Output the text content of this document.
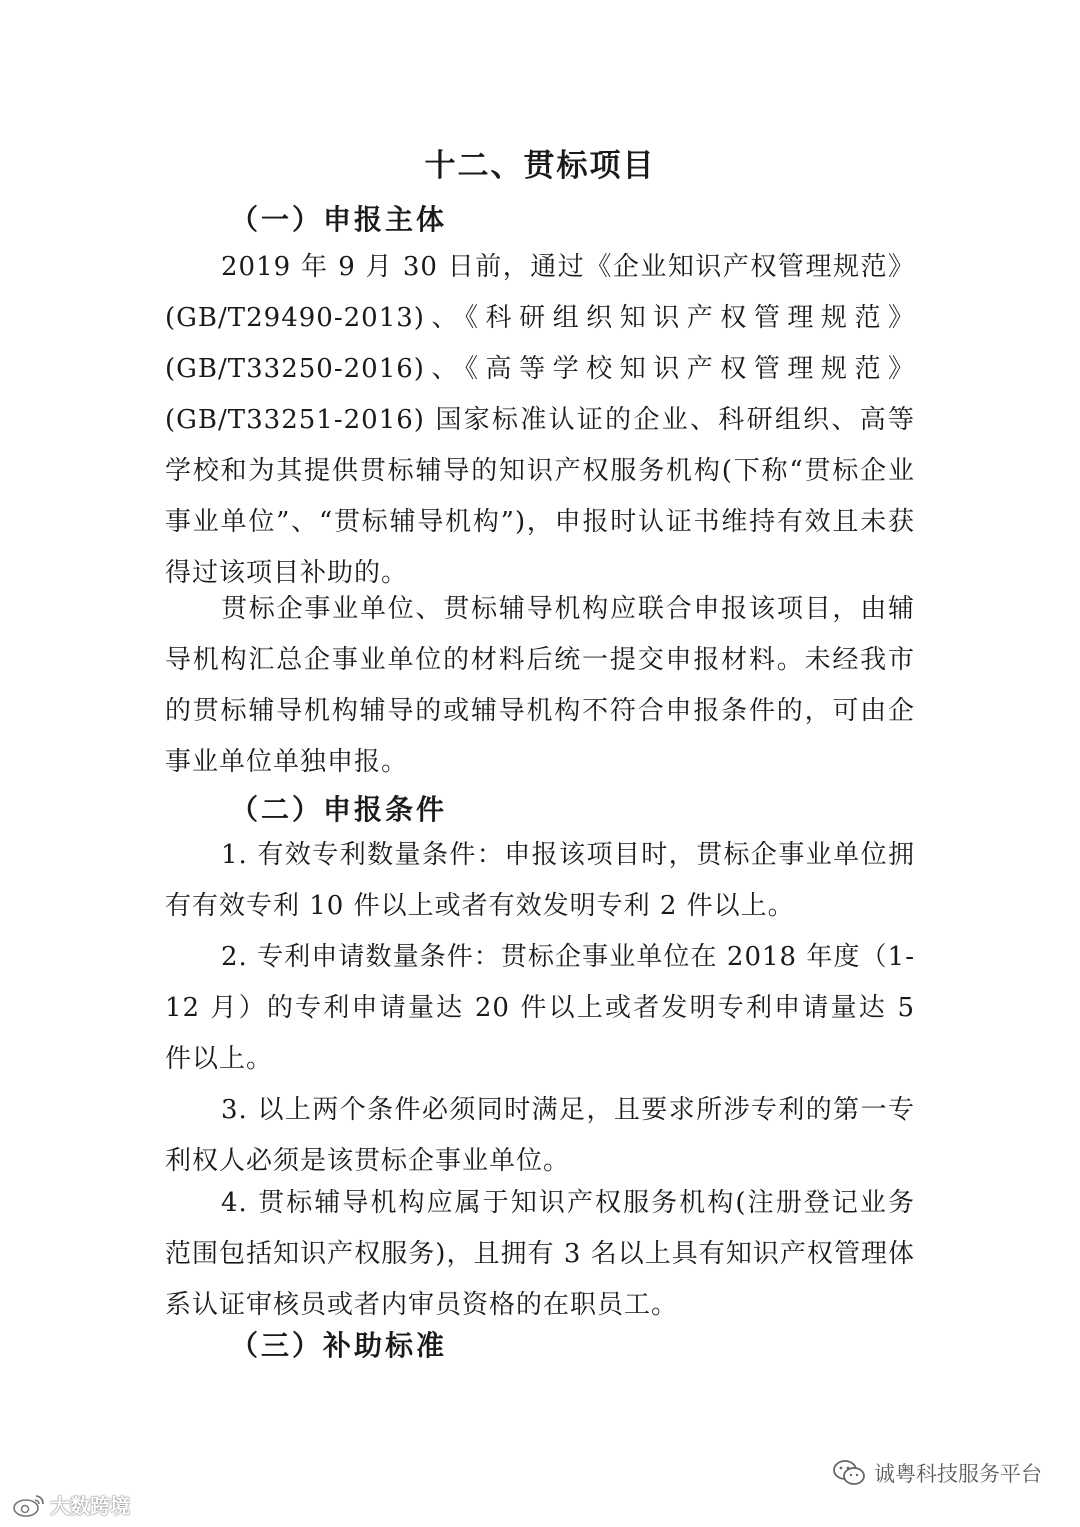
十二、贯标项目
（一）申报主体
2019 年 9 月 30 日前，通过《企业知识产权管理规范》(GB/T29490-2013)、《科研组织知识产权管理规范》(GB/T33250-2016)、《高等学校知识产权管理规范》(GB/T33251-2016) 国家标准认证的企业、科研组织、高等学校和为其提供贯标辅导的知识产权服务机构(下称“贯标企业事业单位”、“贯标辅导机构”)，申报时认证书维持有效且未获得过该项目补助的。
贯标企事业单位、贯标辅导机构应联合申报该项目，由辅导机构汇总企事业单位的材料后统一提交申报材料。未经我市的贯标辅导机构辅导的或辅导机构不符合申报条件的，可由企事业单位单独申报。
（二）申报条件
1. 有效专利数量条件：申报该项目时，贯标企事业单位拥有有效专利 10 件以上或者有效发明专利 2 件以上。
2. 专利申请数量条件：贯标企事业单位在 2018 年度（1-12 月）的专利申请量达 20 件以上或者发明专利申请量达 5 件以上。
3. 以上两个条件必须同时满足，且要求所涉专利的第一专利权人必须是该贯标企事业单位。
4. 贯标辅导机构应属于知识产权服务机构(注册登记业务范围包括知识产权服务)，且拥有 3 名以上具有知识产权管理体系认证审核员或者内审员资格的在职员工。
（三）补助标准
诚粤科技服务平台
大数跨境
